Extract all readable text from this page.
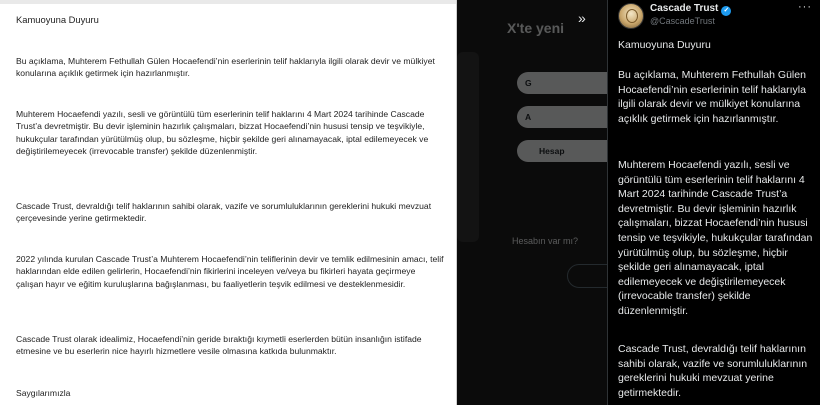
Kamuoyuna Duyuru

Bu açıklama, Muhterem Fethullah Gülen Hocaefendi’nin eserlerinin telif haklarıyla ilgili olarak devir ve mülkiyet konularına açıklık getirmek için hazırlanmıştır.

Muhterem Hocaefendi yazılı, sesli ve görüntülü tüm eserlerinin telif haklarını 4 Mart 2024 tarihinde Cascade Trust’a devretmiştir. Bu devir işleminin hazırlık çalışmaları, bizzat Hocaefendi’nin hususi tensip ve teşvikiyle, hukukçular tarafından yürütülmüş olup, bu sözleşme, hiçbir şekilde geri alınamayacak, iptal edilemeyecek ve değiştirilemeyecek (irrevocable transfer) şekilde düzenlenmiştir.

Cascade Trust, devraldığı telif haklarının sahibi olarak, vazife ve sorumluluklarının gereklerini hukuki mevzuat çerçevesinde yerine getirmektedir.

2022 yılında kurulan Cascade Trust’a Muhterem Hocaefendi’nin teliflerinin devir ve temlik edilmesinin amacı, telif haklarından elde edilen gelirlerin, Hocaefendi’nin fikirlerini inceleyen ve/veya bu fikirleri hayata geçirmeye çalışan hayır ve eğitim kuruluşlarına bağışlanması, bu faaliyetlerin teşvik edilmesi ve desteklenmesidir.

Cascade Trust olarak idealimiz, Hocaefendi’nin geride bıraktığı kıymetli eserlerden bütün insanlığın istifade etmesine ve bu eserlerin nice hayırlı hizmetlere vesile olmasına katkıda bulunmaktır.

Saygılarımızla

X'te yeni
G
A
Hesap
Hesabın var mı?
»
Cascade Trust ✓
@CascadeTrust
···

Kamuoyuna Duyuru

Bu açıklama, Muhterem Fethullah Gülen Hocaefendi’nin eserlerinin telif haklarıyla ilgili olarak devir ve mülkiyet konularına açıklık getirmek için hazırlanmıştır.

Muhterem Hocaefendi yazılı, sesli ve görüntülü tüm eserlerinin telif haklarını 4 Mart 2024 tarihinde Cascade Trust’a devretmiştir. Bu devir işleminin hazırlık çalışmaları, bizzat Hocaefendi’nin hususi tensip ve teşvikiyle, hukukçular tarafından yürütülmüş olup, bu sözleşme, hiçbir şekilde geri alınamayacak, iptal edilemeyecek ve değiştirilemeyecek (irrevocable transfer) şekilde düzenlenmiştir.

Cascade Trust, devraldığı telif haklarının sahibi olarak, vazife ve sorumluluklarının gereklerini hukuki mevzuat yerine getirmektedir.
